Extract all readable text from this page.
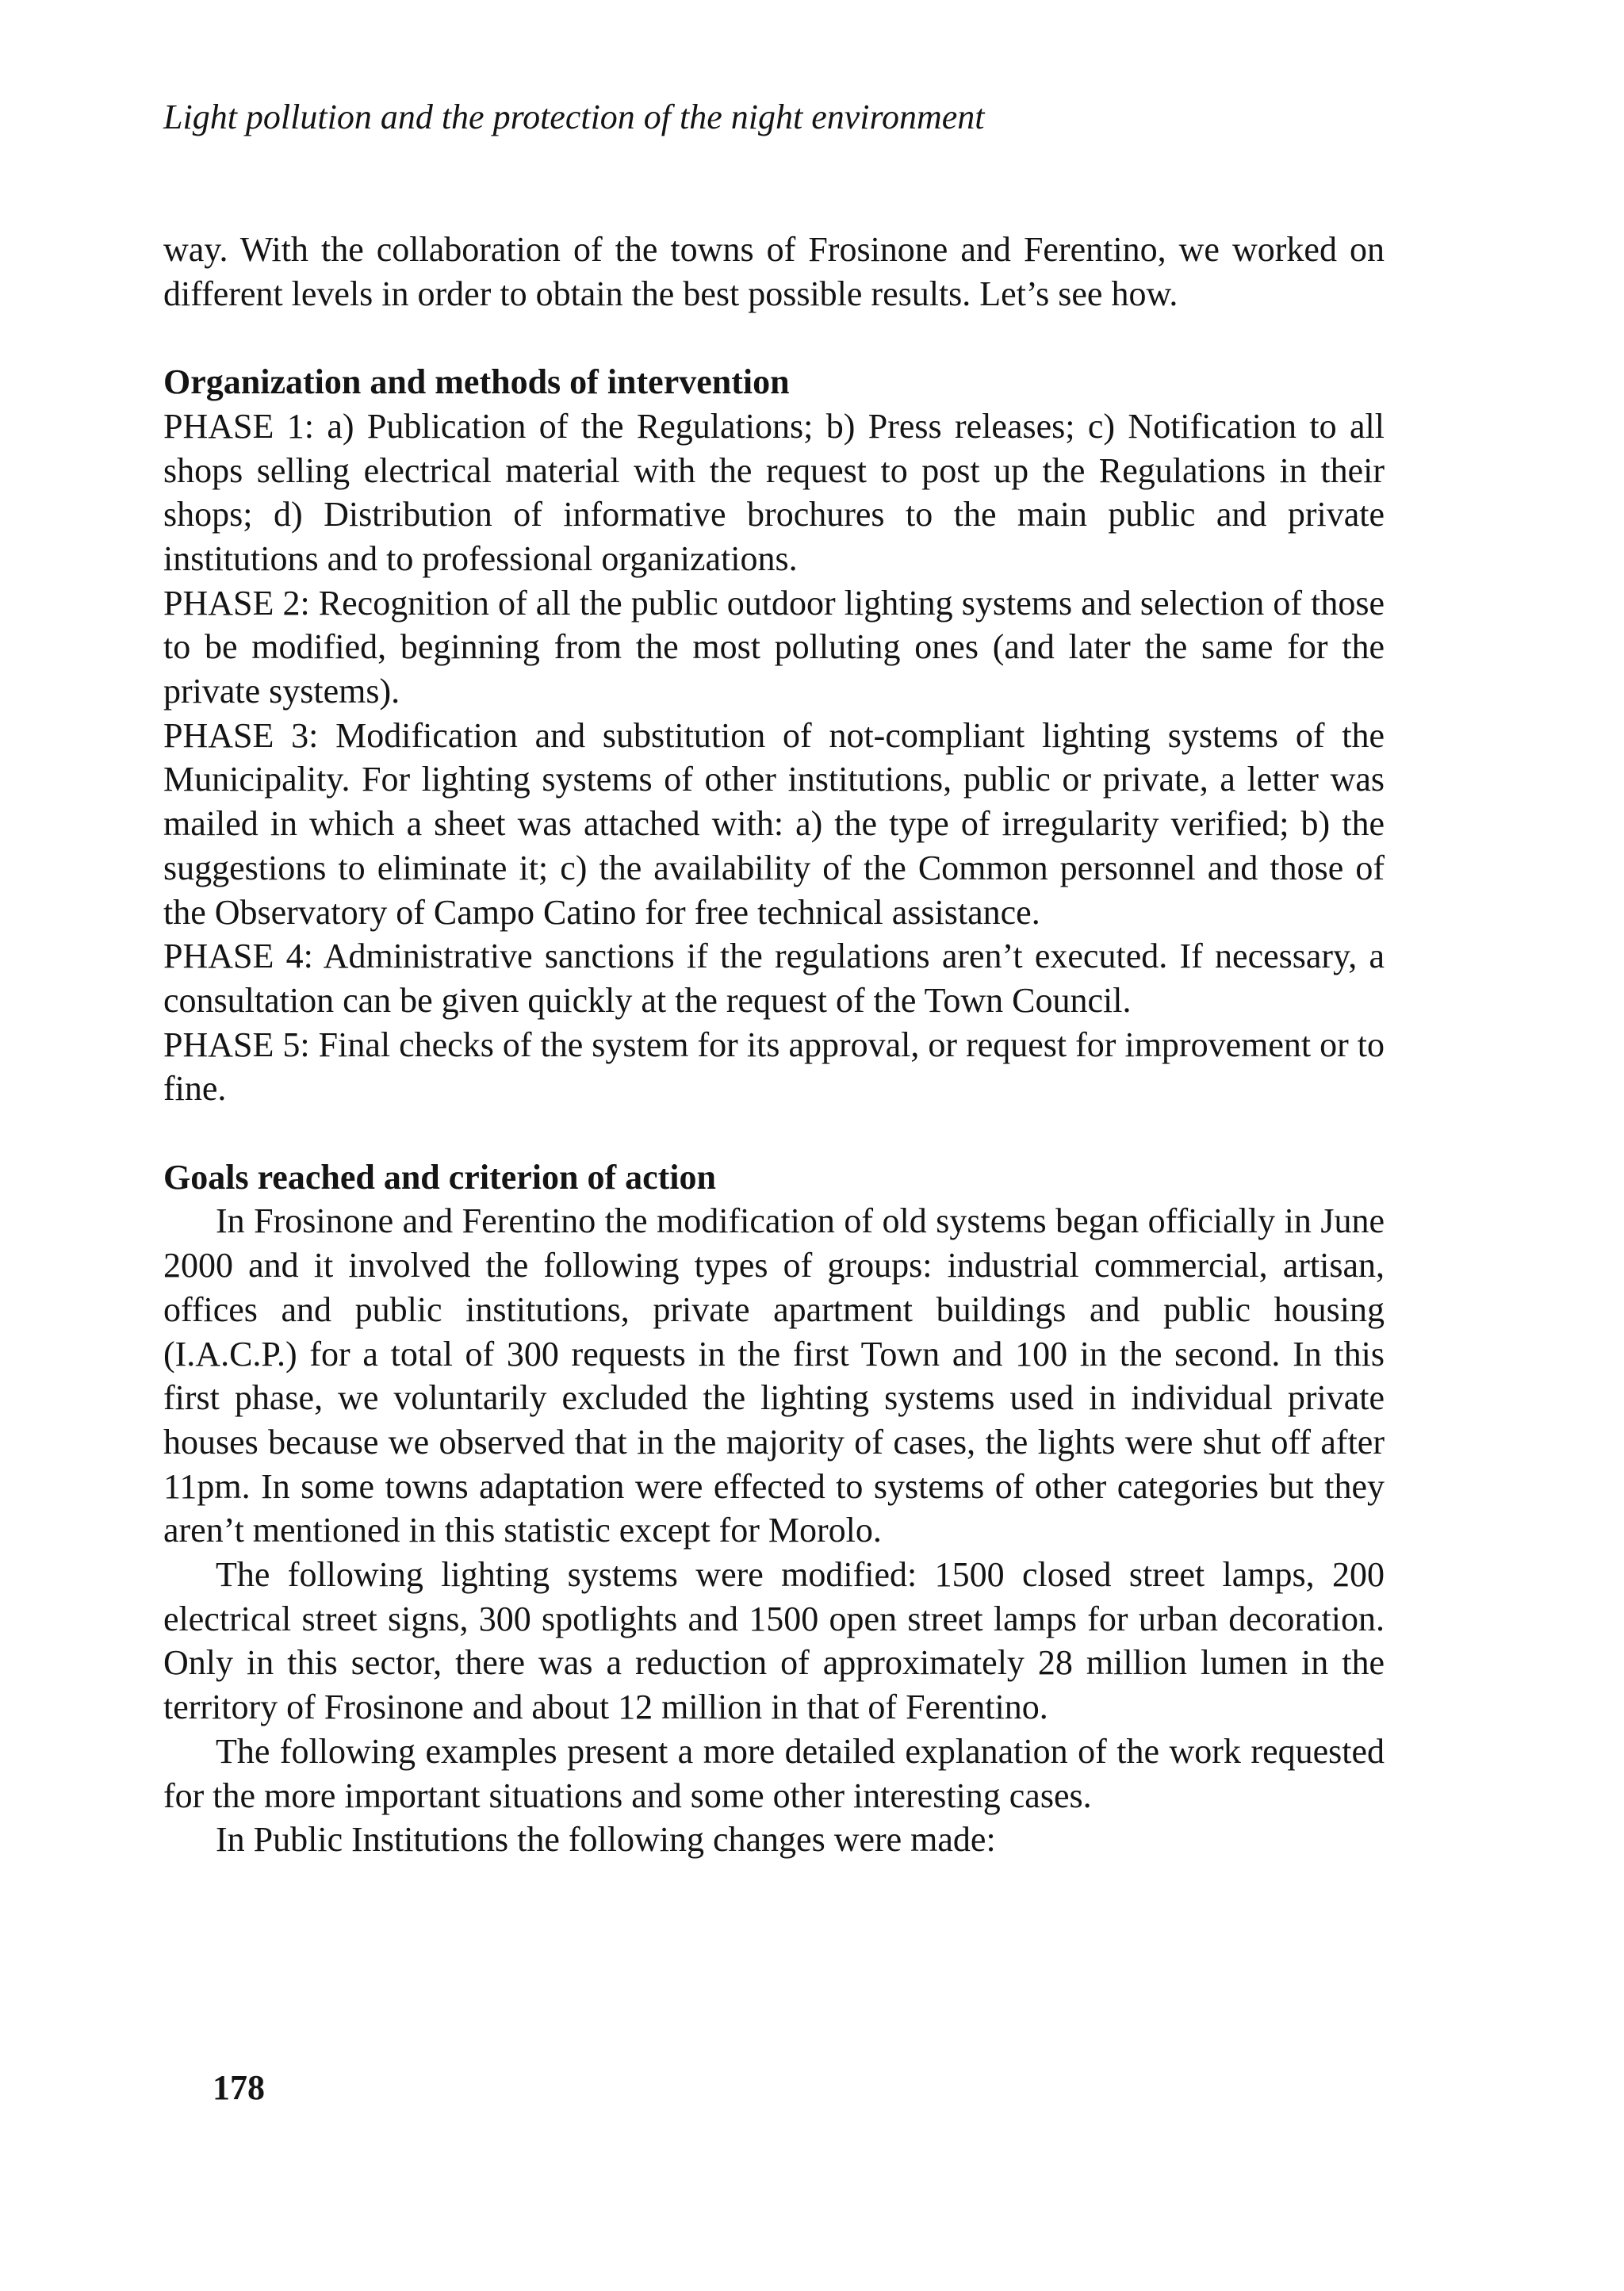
Light pollution and the protection of the night environment

way. With the collaboration of the towns of Frosinone and Ferentino, we worked on different levels in order to obtain the best possible results. Let’s see how.

Organization and methods of intervention

PHASE 1: a) Publication of the Regulations; b) Press releases; c) Notification to all shops selling electrical material with the request to post up the Regulations in their shops; d) Distribution of informative brochures to the main public and private institutions and to professional organizations.

PHASE 2: Recognition of all the public outdoor lighting systems and selection of those to be modified, beginning from the most polluting ones (and later the same for the private systems).

PHASE 3: Modification and substitution of not-compliant lighting systems of the Municipality. For lighting systems of other institutions, public or private, a letter was mailed in which a sheet was attached with: a) the type of irregularity verified; b) the suggestions to eliminate it; c) the availability of the Common personnel and those of the Observatory of Campo Catino for free technical assistance.

PHASE 4: Administrative sanctions if the regulations aren’t executed. If necessary, a consultation can be given quickly at the request of the Town Council.

PHASE 5: Final checks of the system for its approval, or request for improvement or to fine.

Goals reached and criterion of action

In Frosinone and Ferentino the modification of old systems began officially in June 2000 and it involved the following types of groups: industrial commercial, artisan, offices and public institutions, private apartment buildings and public housing (I.A.C.P.) for a total of 300 requests in the first Town and 100 in the second. In this first phase, we voluntarily excluded the lighting systems used in individual private houses because we observed that in the majority of cases, the lights were shut off after 11pm. In some towns adaptation were effected to systems of other categories but they aren’t mentioned in this statistic except for Morolo.

The following lighting systems were modified: 1500 closed street lamps, 200 electrical street signs, 300 spotlights and 1500 open street lamps for urban decoration. Only in this sector, there was a reduction of approximately 28 million lumen in the territory of Frosinone and about 12 million in that of Ferentino.

The following examples present a more detailed explanation of the work requested for the more important situations and some other interesting cases.

In Public Institutions the following changes were made:

178
